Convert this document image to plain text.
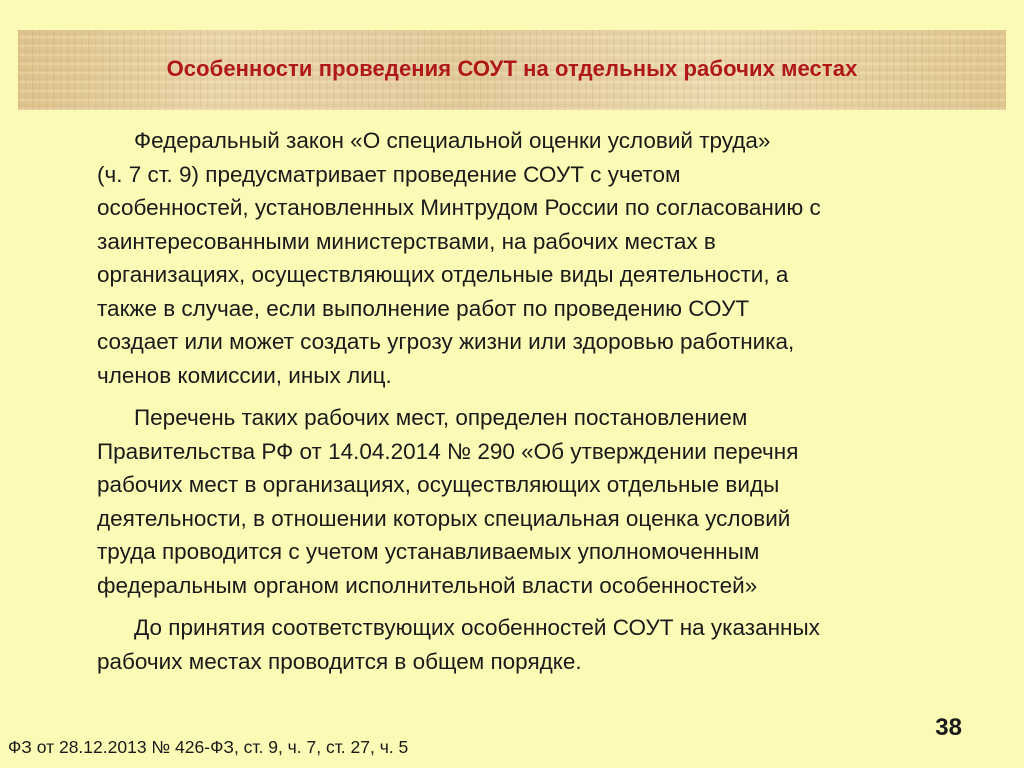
Особенности проведения СОУТ на отдельных рабочих местах
Федеральный закон «О специальной оценки условий труда»
(ч. 7 ст. 9) предусматривает проведение СОУТ с учетом
особенностей, установленных Минтрудом России по согласованию с
заинтересованными министерствами, на рабочих местах в
организациях, осуществляющих отдельные виды деятельности, а
также в случае, если выполнение работ по проведению СОУТ
создает или может создать угрозу жизни или здоровью работника,
членов комиссии, иных лиц.
Перечень таких рабочих мест, определен постановлением
Правительства РФ от 14.04.2014 № 290 «Об утверждении перечня
рабочих мест в организациях, осуществляющих отдельные виды
деятельности, в отношении которых специальная оценка условий
труда проводится с учетом устанавливаемых уполномоченным
федеральным органом исполнительной власти особенностей»
До принятия соответствующих особенностей СОУТ на указанных
рабочих местах проводится в общем порядке.
38
ФЗ от 28.12.2013 № 426-ФЗ, ст. 9, ч. 7, ст. 27, ч. 5
